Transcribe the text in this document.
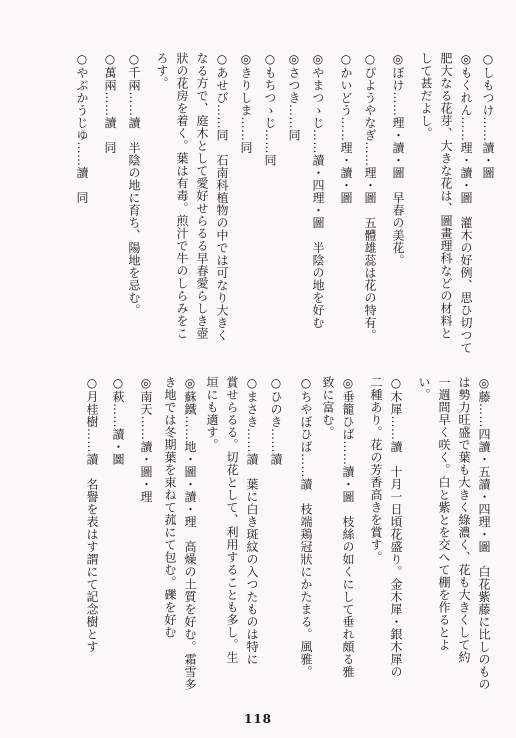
○しもつけ……讀・圖
◎もくれん……理・讀・圖　灌木の好例、思ひ切つて
肥大なる花芽、大きな花は、圖畫理科などの材料と
して甚だよし。
◎ぼけ……理・讀・圖　早春の美花。
○ぴようやなぎ……理・圖　五體雄蕊は花の特有。
○かいどう……理・讀・圖
◎やまつゝじ……讀・四理・圖　半陰の地を好む
◎さつき……同
○もちつゝじ……同
◎きりしま……同
○あせび……同　石南科植物の中では可なり大きく
なる方で、庭木として愛好せらるる早春愛らしき壺
狀の花房を着く。葉は有毒。煎汁で牛のしらみをこ
ろす。
○千兩……讀　半陰の地に育ち、陽地を忌む。
○萬兩……讀　同
○やぶかうじゆ……讀　同
◎藤……四讀・五讀・四理・圖　白花紫藤に比しのもの
は勢力旺盛で葉も大きく綠濃く、花も大きくして約
一週間早く咲く。白と紫とを交へて棚を作るとよ
い。
○木犀……讀　十月一日頃花盛り。金木犀・銀木犀の
二種あり。花の芳香高きを賞す。
◎垂籠ひば……讀・圖　枝絲の如くにして垂れ頗る雅
致に富む。
○ちやぼひば……讀　枝端鶏冠狀にかたまる。風雅。
○ひのき……讀
○まさき……讀　葉に白き斑紋の入つたものは特に
賞せらるる。切花として、利用することも多し。生
垣にも適す。
◎蘇鐵……地・圖・讀・理　高燥の土質を好む。霜雪多
き地では冬期葉を束ねて菰にて包む。礫を好む
◎南天……讀・圖・理
○萩……讀・圖
○月桂樹……讀　名譽を表はす謂にて記念樹とす
118
